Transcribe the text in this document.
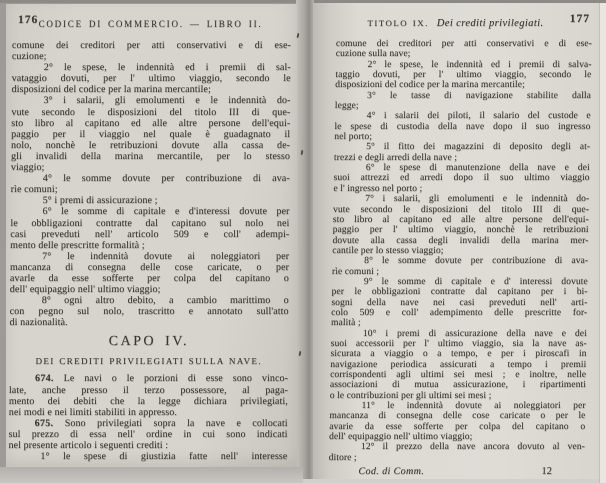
176 CODICE DI COMMERCIO. — LIBRO II.
comune dei creditori per atti conservativi e di ese-
cuzione;
2° le spese, le indennità ed i premii di sal-
vataggio dovuti, per l' ultimo viaggio, secondo le
disposizioni del codice per la marina mercantile;
3° i salarii, gli emolumenti e le indennità do-
vute secondo le disposizioni del titolo III di que-
sto libro al capitano ed alle altre persone dell'equi-
paggio per il viaggio nel quale è guadagnato il
nolo, nonchè le retribuzioni dovute alla cassa de-
gli invalidi della marina mercantile, per lo stesso
viaggio;
4° le somme dovute per contribuzione di ava-
rìe comuni;
5° i premi di assicurazione ;
6° le somme di capitale e d'interessi dovute per
le obbligazioni contratte dal capitano sul nolo nei
casi preveduti nell' articolo 509 e coll' adempi-
mento delle prescritte formalità ;
7° le indennità dovute ai noleggiatori per
mancanza di consegna delle cose caricate, o per
avarle da esse sofferte per colpa del capitano o
dell' equipaggio nell' ultimo viaggio;
8° ogni altro debito, a cambio marittimo o
con pegno sul nolo, trascritto e annotato sull'atto
di nazionalità.
CAPO IV.
DEI CREDITI PRIVILEGIATI SULLA NAVE.
674. Le navi o le porzioni di esse sono vinco-
late, anche presso il terzo possessore, al paga-
mento dei debiti che la legge dichiara privilegiati,
nei modi e nei limiti stabiliti in appresso.
675. Sono privilegiati sopra la nave e collocati
sul prezzo di essa nell' ordine in cui sono indicati
nel presente articolo i seguenti crediti :
1° le spese di giustizia fatte nell' interesse
TITOLO IX. Dei crediti privilegiati. 177
comune dei creditori per atti conservativi e di ese-
cuzione sulla nave;
2° le spese, le indennità ed i premii di salva-
taggio dovuti, per l' ultimo viaggio, secondo le
disposizioni del codice per la marina mercantile;
3° le tasse di navigazione stabilite dalla
legge;
4° i salarii dei piloti, il salario del custode e
le spese di custodia della nave dopo il suo ingresso
nel porto;
5° il fitto dei magazzini di deposito degli at-
trezzi e degli arredi della nave ;
6° le spese di manutenzione della nave e dei
suoi attrezzi ed arredi dopo il suo ultimo viaggio
e l' ingresso nel porto ;
7° i salarii, gli emolumenti e le indennità do-
vute secondo le disposizioni del titolo III di que-
sto libro al capitano ed alle altre persone dell'equi-
paggio per l' ultimo viaggio, nonchè le retribuzioni
dovute alla cassa degli invalidi della marina mer-
cantile per lo stesso viaggio;
8° le somme dovute per contribuzione di ava-
rìe comuni ;
9° le somme di capitale e d' interessi dovute
per le obbligazioni contratte dal capitano per i bi-
sogni della nave nei casi preveduti nell' arti-
colo 509 e coll' adempimento delle prescritte for-
malità ;
10° i premi di assicurazione della nave e dei
suoi accessorii per l' ultimo viaggio, sia la nave as-
sicurata a viaggio o a tempo, e per i piroscafi in
navigazione periodica assicurati a tempo i premii
corrispondenti agli ultimi sei mesi ; e inoltre, nelle
associazioni di mutua assicurazione, i ripartimenti
o le contribuzioni per gli ultimi sei mesi ;
11° le indennità dovute ai noleggiatori per
mancanza di consegna delle cose caricate o per le
avarie da esse sofferte per colpa del capitano o
dell' equipaggio nell' ultimo viaggio;
12° il prezzo della nave ancora dovuto al ven-
ditore ;
Cod. di Comm.	12
